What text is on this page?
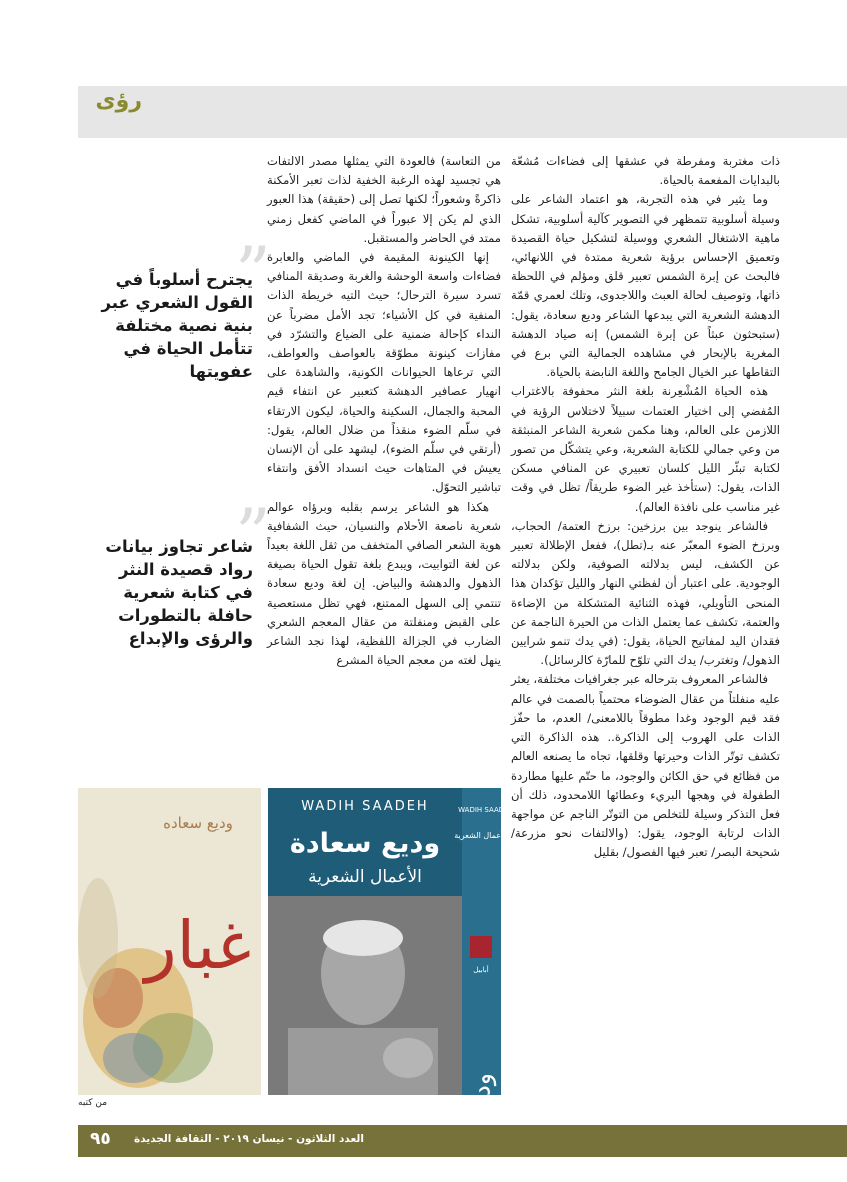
رؤى

ذات مغتربة ومفرطة في عشقها إلى فضاءات مُشعّة بالبدايات المفعمة بالحياة.

وما يثير في هذه التجربة، هو اعتماد الشاعر على وسيلة أسلوبية تتمظهر في التصوير كآلية أسلوبية، تشكل ماهية الاشتغال الشعري ووسيلة لتشكيل حياة القصيدة وتعميق الإحساس برؤية شعرية ممتدة في اللانهائي، فالبحث عن إبرة الشمس تعبير قلق ومؤلم في اللحظة ذاتها، وتوصيف لحالة العبث واللاجدوى، وتلك لعمري قمّة الدهشة الشعرية التي يبدعها الشاعر وديع سعادة، يقول: (ستبحثون عبثاً عن إبرة الشمس) إنه صياد الدهشة المغرية بالإبحار في مشاهده الجمالية التي برع في التقاطها عبر الخيال الجامح واللغة النابضة بالحياة.

هذه الحياة المُشْعِرنة بلغة النثر محفوفة بالاغتراب المُفضي إلى اختيار العتمات سبيلاً لاختلاس الرؤية في اللازمن على العالم، وهنا مكمن شعرية الشاعر المنبثقة من وعي جمالي للكتابة الشعرية، وعي يتشكّل من تصور لكتابة تبئّر الليل كلسان تعبيري عن المنافي مسكن الذات، يقول: (ستأخذ غير الضوء طريقاً/ تظل في وقت غير مناسب على نافذة العالم).

فالشاعر ينوجد بين برزخين: برزخ العتمة/ الحجاب، وبرزخ الضوء المعبّر عنه بـ(تطل)، ففعل الإطلالة تعبير عن الكشف، ليس بدلالته الصوفية، ولكن بدلالته الوجودية. على اعتبار أن لفظتي النهار والليل تؤكدان هذا المنحى التأويلي، فهذه الثنائية المتشكلة من الإضاءة والعتمة، تكشف عما يعتمل الذات من الحيرة الناجمة عن فقدان اليد لمفاتيح الحياة، يقول: (في يدك تنمو شرايين الذهول/ وتغترب/ يدك التي تلوّح للمارّة كالرسائل).

فالشاعر المعروف بترحاله عبر جغرافيات مختلفة، يعثر عليه منفلتاً من عقال الضوضاء محتمياً بالصمت في عالم فقد قيم الوجود وغدا مطوقاً باللامعنى/ العدم، ما حفّز الذات على الهروب إلى الذاكرة.. هذه الذاكرة التي تكشف توتّر الذات وحيرتها وقلقها، تجاه ما يصنعه العالم من فظائع في حق الكائن والوجود، ما حتّم عليها مطاردة الطفولة في وهجها البريء وعطائها اللامحدود، ذلك أن فعل التذكر وسيلة للتخلص من التوتّر الناجم عن مواجهة الذات لرتابة الوجود، يقول: (والالتفات نحو مزرعة/ شحيحة البصر/ تعبر فيها الفصول/ بقليل

من التعاسة) فالعودة التي يمثلها مصدر الالتفات هي تجسيد لهذه الرغبة الخفية لذات تعبر الأمكنة ذاكرةً وشعوراً؛ لكنها تصل إلى (حقيقة) هذا العبور الذي لم يكن إلا عبوراً في الماضي كفعل زمني ممتد في الحاضر والمستقبل.

إنها الكينونة المقيمة في الماضي والعابرة فضاءات واسعة الوحشة والغربة وصديقة المنافي تسرد سيرة الترحال؛ حيث التيه خريطة الذات المنفية في كل الأشياء؛ تجد الأمل مضرباً عن النداء كإحالة ضمنية على الضياع والتشرّد في مفازات كينونة مطوّقة بالعواصف والعواطف، التي ترعاها الحيوانات الكونية، والشاهدة على انهيار عصافير الدهشة كتعبير عن انتفاء قيم المحبة والجمال، السكينة والحياة، ليكون الارتقاء في سلّم الضوء منقذاً من ضلال العالم، يقول: (أرتقي في سلّم الضوء)، ليشهد على أن الإنسان يعيش في المتاهات حيث انسداد الأفق وانتفاء تباشير التحوّل.

هكذا هو الشاعر يرسم بقلبه وبرؤاه عوالم شعرية ناصعة الأحلام والنسيان، حيث الشفافية هوية الشعر الصافي المتخفف من ثقل اللغة بعيداً عن لغة التوابيت، ويبدع بلغة تقول الحياة بصيغة الذهول والدهشة والبياض. إن لغة وديع سعادة تنتمي إلى السهل الممتنع، فهي تظل مستعصية على القبض ومنفلتة من عقال المعجم الشعري الضارب في الجزالة اللفظية، لهذا نجد الشاعر ينهل لغته من معجم الحياة المشرع

”
يجترح أسلوباً في القول الشعري عبر بنية نصية مختلفة تتأمل الحياة في عفويتها
”
شاعر تجاوز بيانات رواد قصيدة النثر في كتابة شعرية حافلة بالتطورات والرؤى والإبداع
وديع سعاده
غبار
WADIH SAADEH
وديع سعادة
الأعمال الشعرية
WADIH SAADEH
الأعمال الشعرية
أبابيل
من كتبه
العدد الثلاثون - نيسان ٢٠١٩ - الثقافة الجديدة
٩٥
